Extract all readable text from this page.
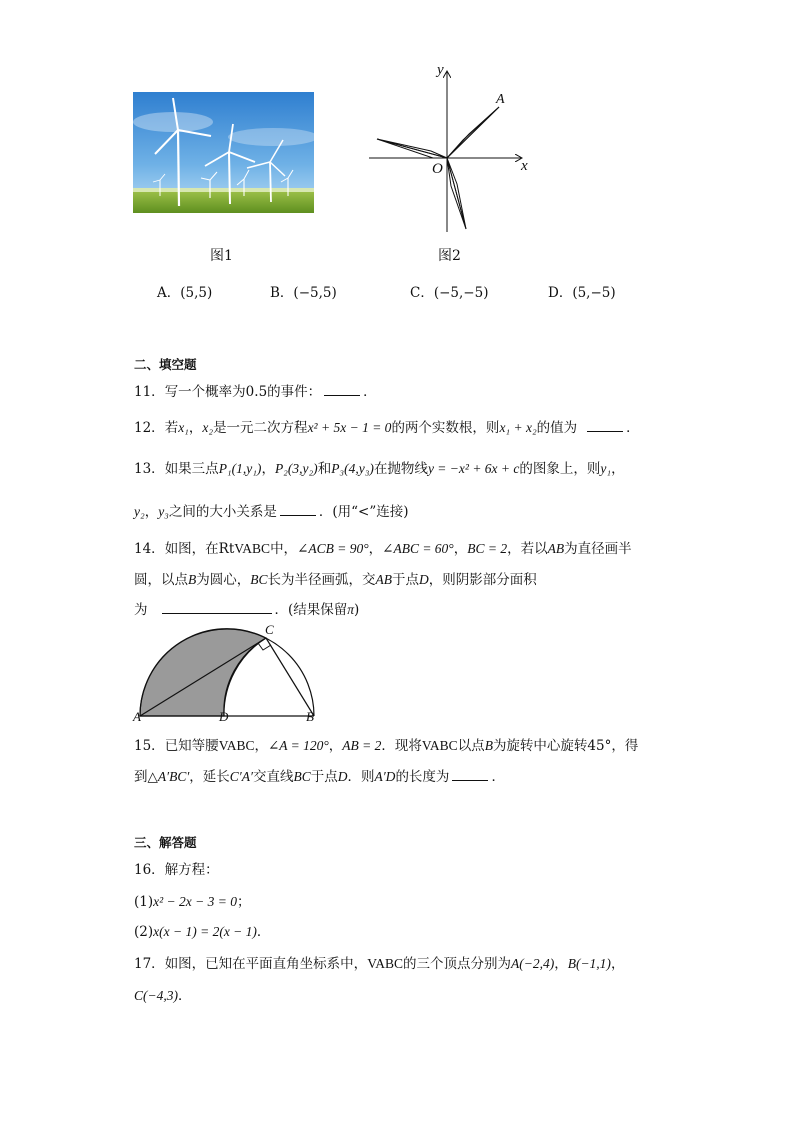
y
x
O
A
图1	图2
A．(5,5)	B．(−5,5)	C．(−5,−5)	D．(5,−5)
二、填空题
11．写一个概率为0.5的事件：	．
12．若x₁，x₂是一元二次方程x² + 5x − 1 = 0的两个实数根，则x₁ + x₂的值为	．
13．如果三点P₁(1,y₁)，P₂(3,y₂)和P₃(4,y₃)在抛物线y = −x² + 6x + c的图象上，则y₁，
y₂，y₃之间的大小关系是	．(用“<”连接)
14．如图，在RtVABC中，∠ACB = 90°，∠ABC = 60°，BC = 2，若以AB为直径画半
圆，以点B为圆心，BC长为半径画弧，交AB于点D，则阴影部分面积
为	．(结果保留π)
A	D	B
C
15．已知等腰VABC，∠A = 120°，AB = 2．现将VABC以点B为旋转中心旋转45°，得
到△A′BC′，延长C′A′交直线BC于点D．则A′D的长度为	．
三、解答题
16．解方程：
(1)x² − 2x − 3 = 0；
(2)x(x − 1) = 2(x − 1)．
17．如图，已知在平面直角坐标系中，VABC的三个顶点分别为A(−2,4)，B(−1,1)，
C(−4,3)．
